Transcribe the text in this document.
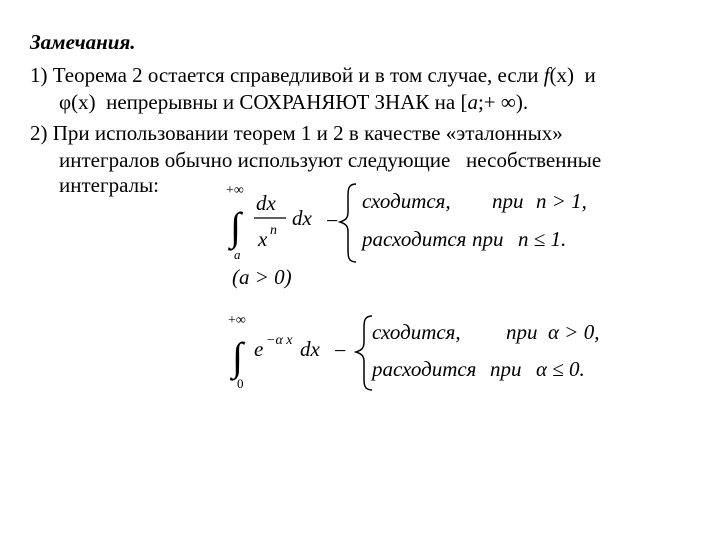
Замечания.

1) Теорема 2 остается справедливой и в том случае, если f(x) и
φ(x) непрерывны и СОХРАНЯЮТ ЗНАК на [a;+ ∞).
2) При использовании теорем 1 и 2 в качестве «эталонных»
интегралов обычно используют следующие   несобственные
интегралы:	+∞
∫
a
dx
x n
dx −
сходится, при n > 1,
расходится при n ≤ 1.
(a > 0)
+∞
∫
0
e −α x dx −
сходится, при α > 0,
расходится при α ≤ 0.
